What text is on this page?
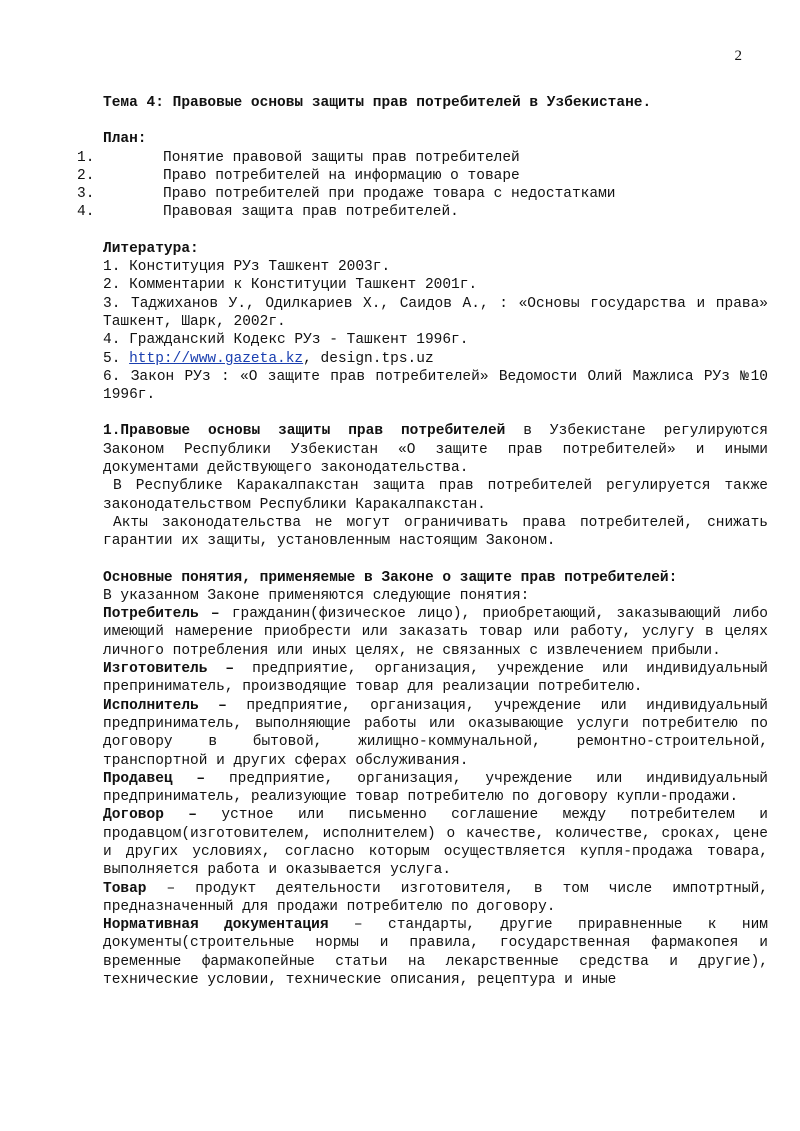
2

Тема 4: Правовые основы защиты прав потребителей в Узбекистане.

План:
1.	Понятие правовой защиты прав потребителей
2.	Право потребителей на информацию о товаре
3.	Право потребителей при продаже товара с недостатками
4.	Правовая защита прав потребителей.
Литература:

1. Конституция РУз Ташкент 2003г.

2. Комментарии к Конституции Ташкент 2001г.

3. Таджиханов У., Одилкариев Х., Саидов А., : «Основы государства и права» Ташкент, Шарк, 2002г.

4. Гражданский Кодекс РУз - Ташкент 1996г.

5. http://www.gazeta.kz, design.tps.uz

6. Закон РУз : «О защите прав потребителей» Ведомости Олий Мажлиса РУз №10 1996г.

1.Правовые основы защиты прав потребителей в Узбекистане регулируются Законом Республики Узбекистан «О защите прав потребителей» и иными документами действующего законодательства.

В Республике Каракалпакстан защита прав потребителей регулируется также законодательством Республики Каракалпакстан.

Акты законодательства не могут ограничивать права потребителей, снижать гарантии их защиты, установленным настоящим Законом.

Основные понятия, применяемые в Законе о защите прав потребителей:

В указанном Законе применяются следующие понятия:

Потребитель – гражданин(физическое лицо), приобретающий, заказывающий либо имеющий намерение приобрести или заказать товар или работу, услугу в целях личного потребления или иных целях, не связанных с извлечением прибыли.

Изготовитель – предприятие, организация, учреждение или индивидуальный преприниматель, производящие товар для реализации потребителю.

Исполнитель – предприятие, организация, учреждение или индивидуальный предприниматель, выполняющие работы или оказывающие услуги потребителю по договору в бытовой, жилищно-коммунальной, ремонтно-строительной, транспортной и других сферах обслуживания.

Продавец – предприятие, организация, учреждение или индивидуальный предприниматель, реализующие товар потребителю по договору купли-продажи.

Договор – устное или письменно соглашение между потребителем и продавцом(изготовителем, исполнителем) о качестве, количестве, сроках, цене и других условиях, согласно которым осуществляется купля-продажа товара, выполняется работа и оказывается услуга.

Товар – продукт деятельности изготовителя, в том числе импотртный, предназначенный для продажи потребителю по договору.

Нормативная документация – стандарты, другие приравненные к ним документы(строительные нормы и правила, государственная фармакопея и временные фармакопейные статьи на лекарственные средства и другие), технические условии, технические описания, рецептура и иные
